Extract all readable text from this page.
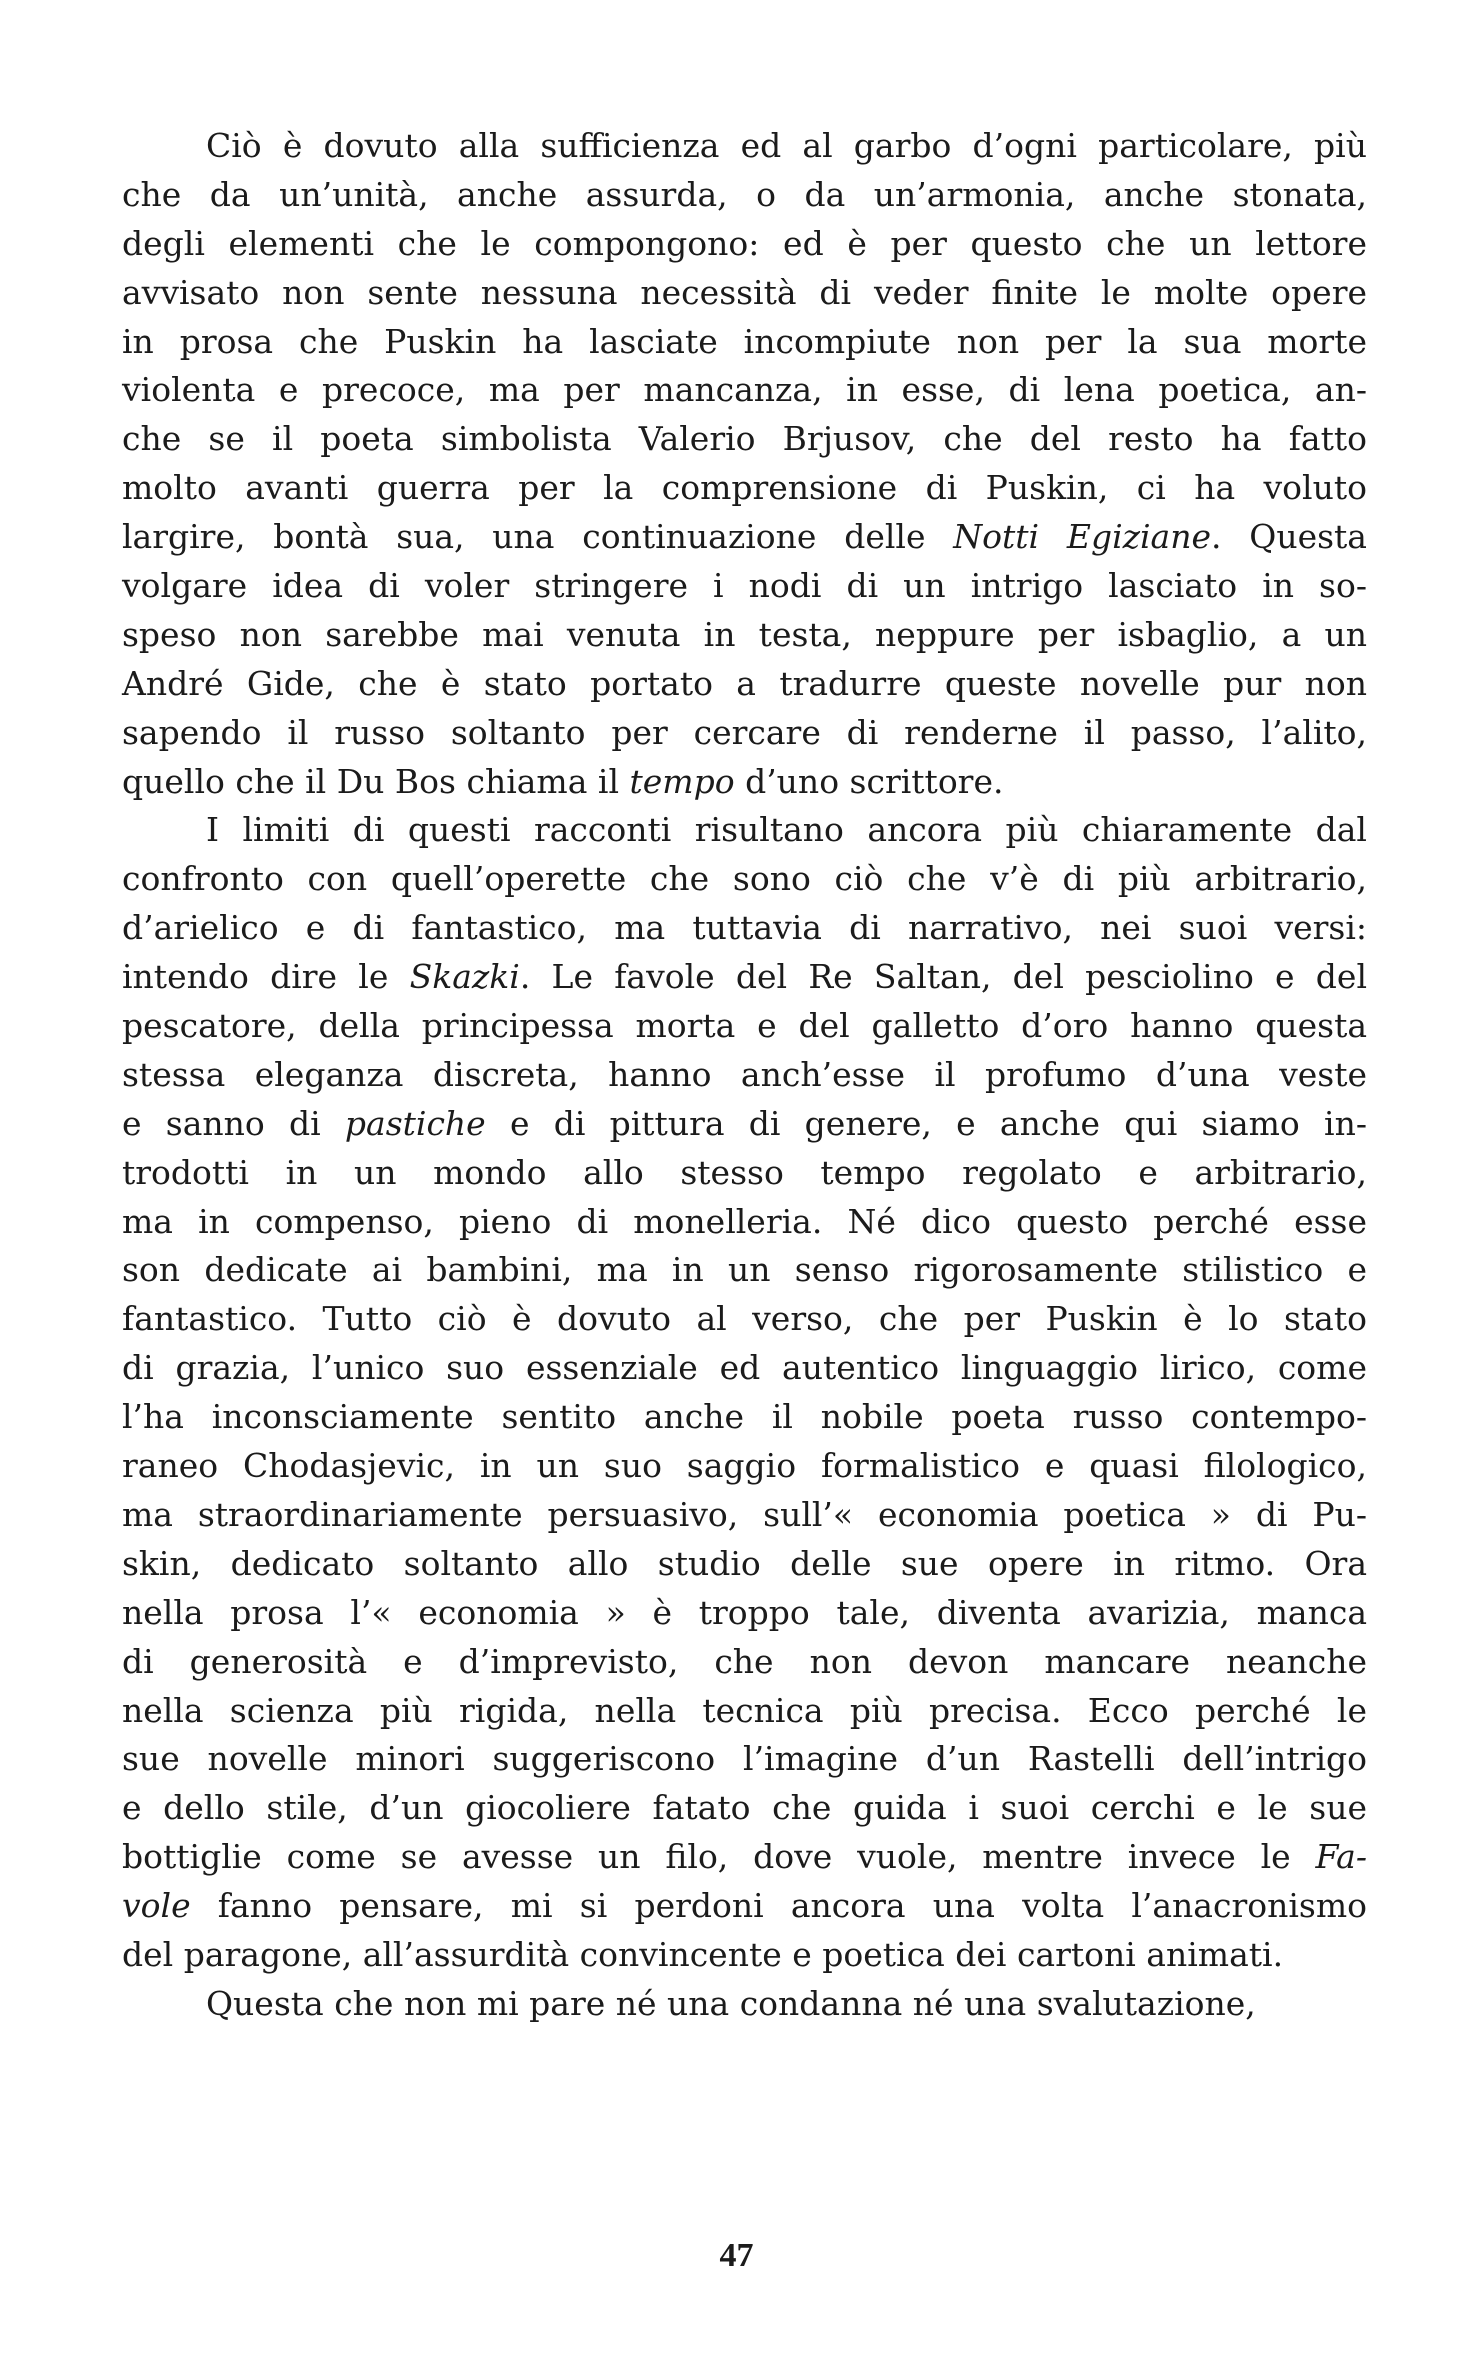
Ciò è dovuto alla sufficienza ed al garbo d’ogni particolare, più
che da un’unità, anche assurda, o da un’armonia, anche stonata,
degli elementi che le compongono: ed è per questo che un lettore
avvisato non sente nessuna necessità di veder finite le molte opere
in prosa che Puskin ha lasciate incompiute non per la sua morte
violenta e precoce, ma per mancanza, in esse, di lena poetica, an-
che se il poeta simbolista Valerio Brjusov, che del resto ha fatto
molto avanti guerra per la comprensione di Puskin, ci ha voluto
largire, bontà sua, una continuazione delle Notti Egiziane. Questa
volgare idea di voler stringere i nodi di un intrigo lasciato in so-
speso non sarebbe mai venuta in testa, neppure per isbaglio, a un
André Gide, che è stato portato a tradurre queste novelle pur non
sapendo il russo soltanto per cercare di renderne il passo, l’alito,
quello che il Du Bos chiama il tempo d’uno scrittore.
I limiti di questi racconti risultano ancora più chiaramente dal
confronto con quell’operette che sono ciò che v’è di più arbitrario,
d’arielico e di fantastico, ma tuttavia di narrativo, nei suoi versi:
intendo dire le Skazki. Le favole del Re Saltan, del pesciolino e del
pescatore, della principessa morta e del galletto d’oro hanno questa
stessa eleganza discreta, hanno anch’esse il profumo d’una veste
e sanno di pastiche e di pittura di genere, e anche qui siamo in-
trodotti in un mondo allo stesso tempo regolato e arbitrario,
ma in compenso, pieno di monelleria. Né dico questo perché esse
son dedicate ai bambini, ma in un senso rigorosamente stilistico e
fantastico. Tutto ciò è dovuto al verso, che per Puskin è lo stato
di grazia, l’unico suo essenziale ed autentico linguaggio lirico, come
l’ha inconsciamente sentito anche il nobile poeta russo contempo-
raneo Chodasjevic, in un suo saggio formalistico e quasi filologico,
ma straordinariamente persuasivo, sull’« economia poetica » di Pu-
skin, dedicato soltanto allo studio delle sue opere in ritmo. Ora
nella prosa l’« economia » è troppo tale, diventa avarizia, manca
di generosità e d’imprevisto, che non devon mancare neanche
nella scienza più rigida, nella tecnica più precisa. Ecco perché le
sue novelle minori suggeriscono l’imagine d’un Rastelli dell’intrigo
e dello stile, d’un giocoliere fatato che guida i suoi cerchi e le sue
bottiglie come se avesse un filo, dove vuole, mentre invece le Fa-
vole fanno pensare, mi si perdoni ancora una volta l’anacronismo
del paragone, all’assurdità convincente e poetica dei cartoni animati.
Questa che non mi pare né una condanna né una svalutazione,
47
